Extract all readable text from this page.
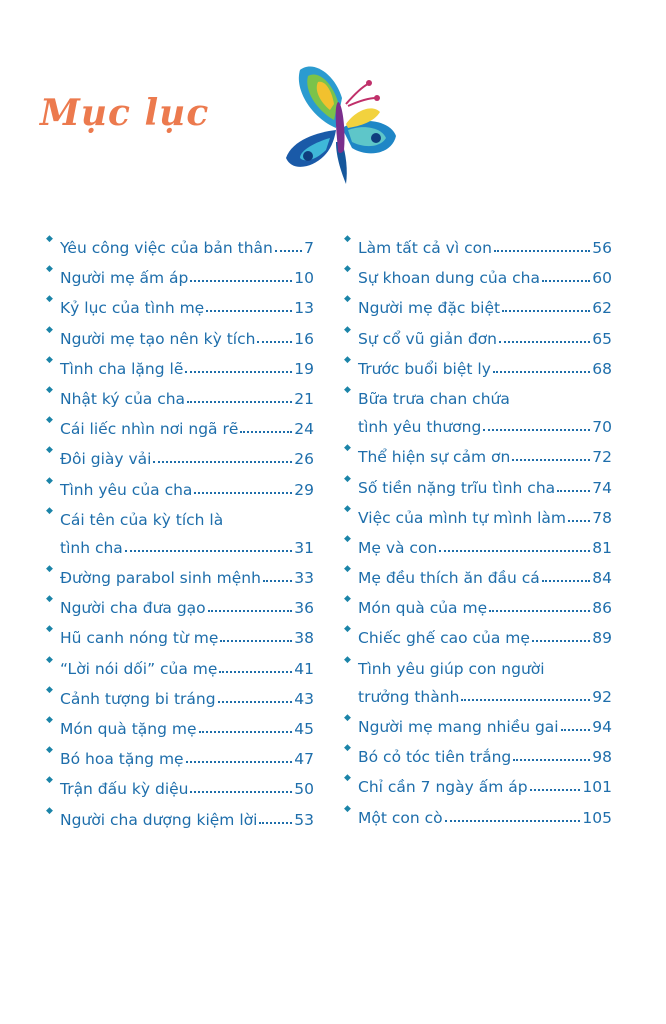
Mục lục
◆ Yêu công việc của bản thân 7
◆ Người mẹ ấm áp	10
◆ Kỷ lục của tình mẹ	13
◆ Người mẹ tạo nên kỳ tích	16
◆ Tình cha lặng lẽ	19
◆ Nhật ký của cha	21
◆ Cái liếc nhìn nơi ngã rẽ	24
◆ Đôi giày vải	26
◆ Tình yêu của cha	29
◆ Cái tên của kỳ tích là
tình cha	31
◆ Đường parabol sinh mệnh 33
◆ Người cha đưa gạo	36
◆ Hũ canh nóng từ mẹ	38
◆ “Lời nói dối” của mẹ	41
◆ Cảnh tượng bi tráng	43
◆ Món quà tặng mẹ	45
◆ Bó hoa tặng mẹ	47
◆ Trận đấu kỳ diệu	50
◆ Người cha dượng kiệm lời 53
◆ Làm tất cả vì con	56
◆ Sự khoan dung của cha	60
◆ Người mẹ đặc biệt	62
◆ Sự cổ vũ giản đơn	65
◆ Trước buổi biệt ly	68
◆ Bữa trưa chan chứa
tình yêu thương	70
◆ Thể hiện sự cảm ơn	72
◆ Số tiền nặng trĩu tình cha 74
◆ Việc của mình tự mình làm 78
◆ Mẹ và con	81
◆ Mẹ đều thích ăn đầu cá	84
◆ Món quà của mẹ	86
◆ Chiếc ghế cao của mẹ	89
◆ Tình yêu giúp con người
trưởng thành	92
◆ Người mẹ mang nhiều gai 94
◆ Bó cỏ tóc tiên trắng	98
◆ Chỉ cần 7 ngày ấm áp	101
◆ Một con cò	105
